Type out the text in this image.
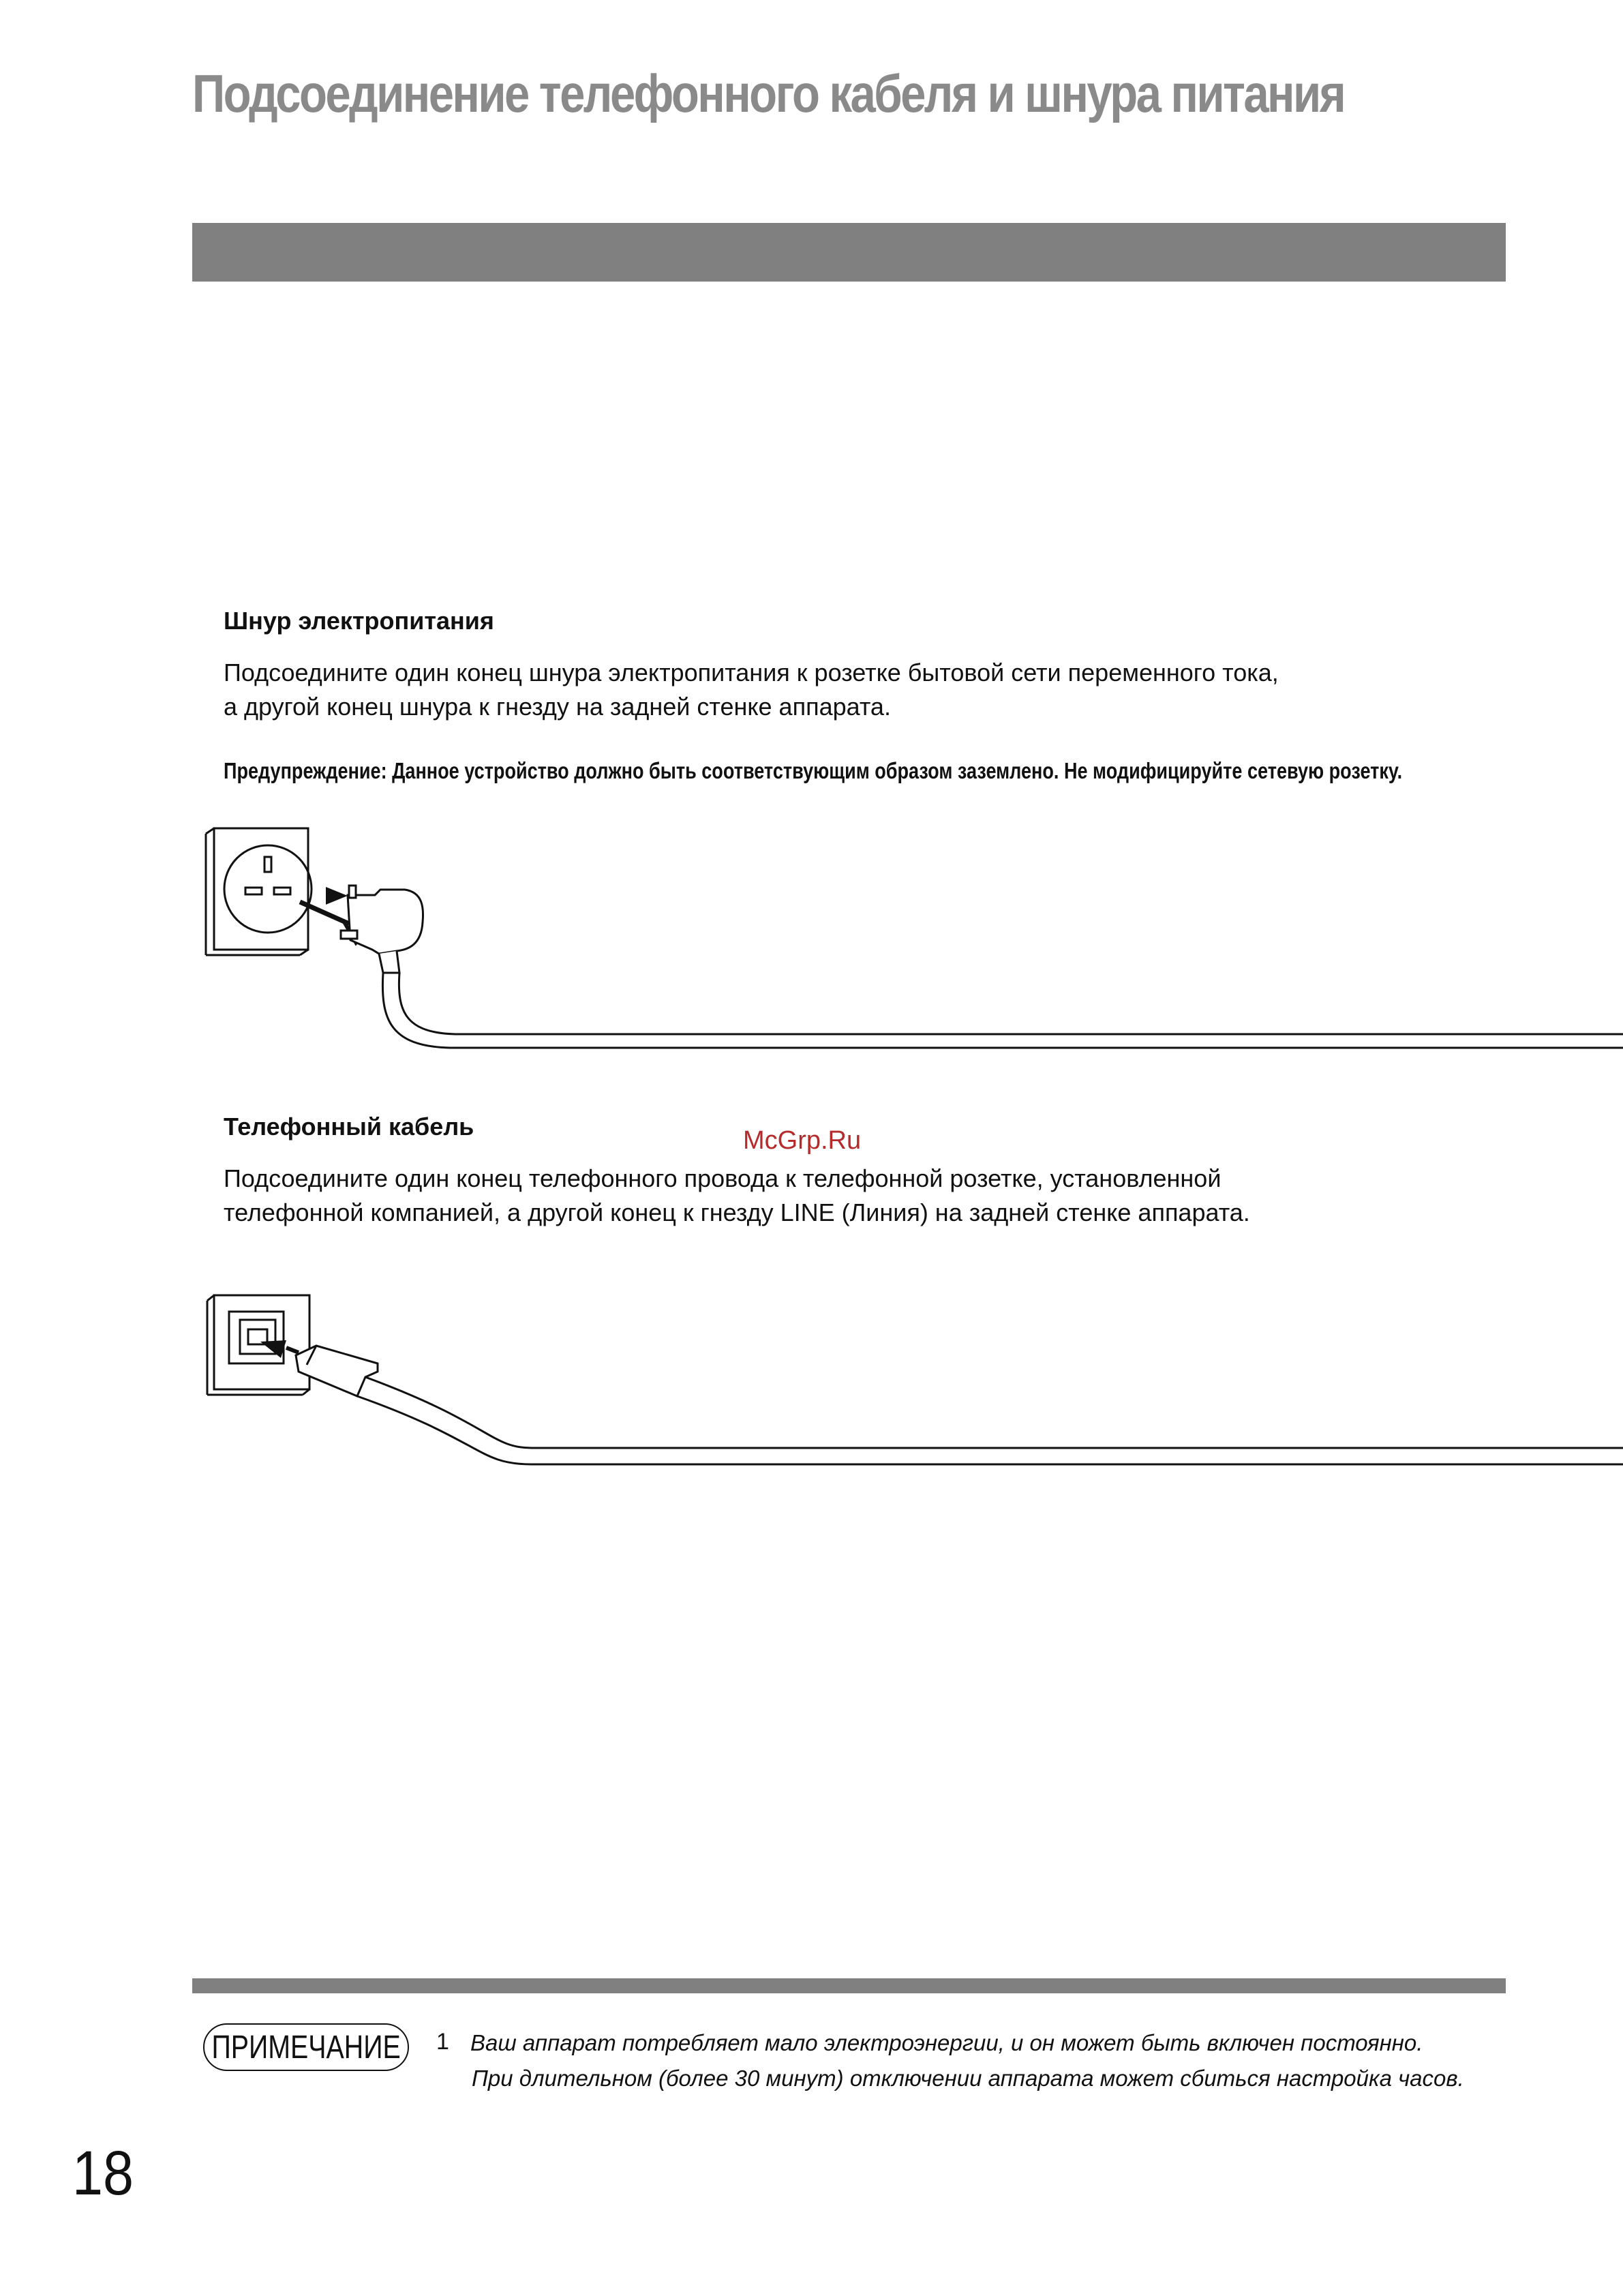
Подсоединение телефонного кабеля и шнура питания
Шнур электропитания
Подсоедините один конец шнура электропитания к розетке бытовой сети переменного тока,
а другой конец шнура к гнезду на задней стенке аппарата.
Предупреждение: Данное устройство должно быть соответствующим образом заземлено. Не модифицируйте сетевую розетку.
McGrp.Ru
Телефонный кабель
Подсоедините один конец телефонного провода к телефонной розетке, установленной
телефонной компанией, а другой конец к гнезду LINE (Линия) на задней стенке аппарата.
ПРИМЕЧАНИЕ 1 Ваш аппарат потребляет мало электроэнергии, и он может быть включен постоянно.
При длительном (более 30 минут) отключении аппарата может сбиться настройка часов.
18
